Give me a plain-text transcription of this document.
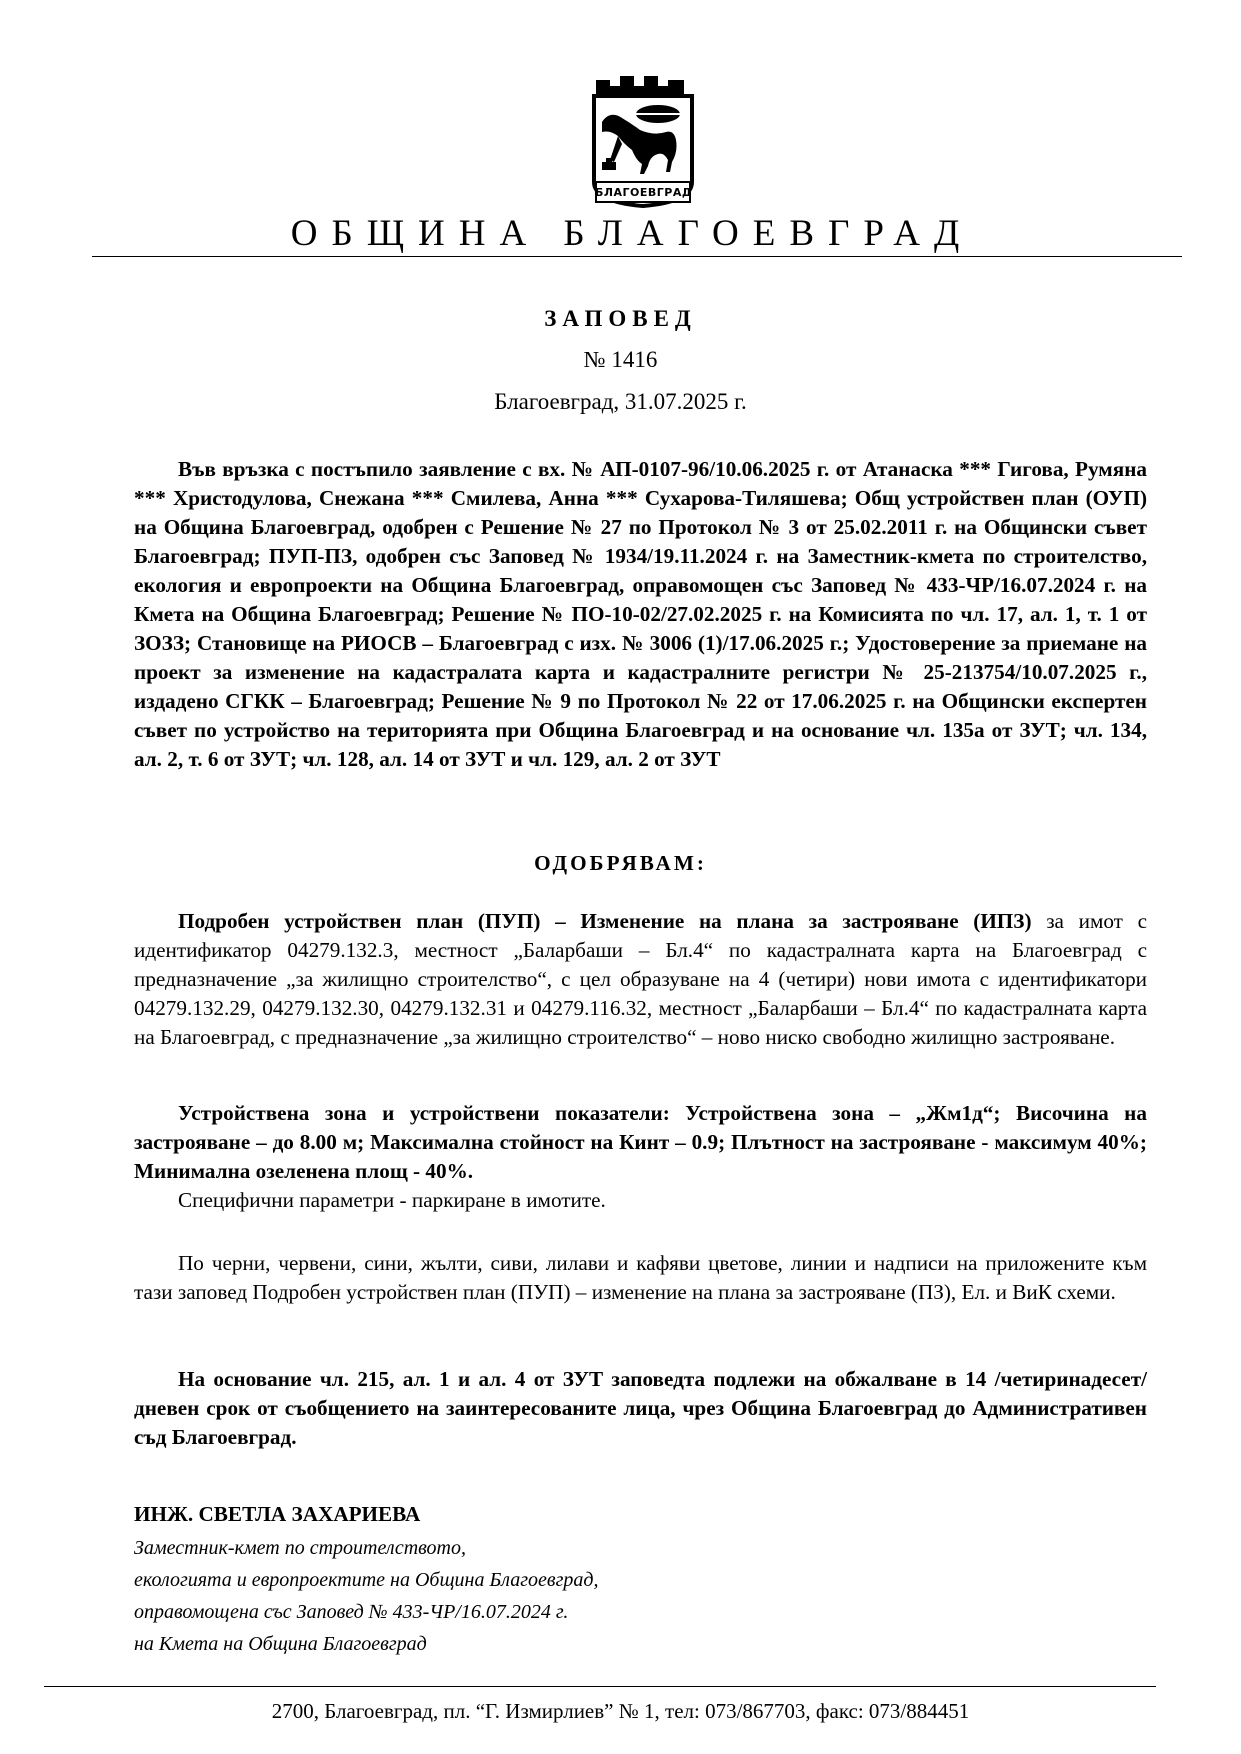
БЛАГОЕВГРАД
ОБЩИНА БЛАГОЕВГРАД
ЗАПОВЕД
№ 1416
Благоевград, 31.07.2025 г.

Във връзка с постъпило заявление с вх. № АП-0107-96/10.06.2025 г. от Атанаска *** Гигова, Румяна *** Христодулова, Снежана *** Смилева, Анна *** Сухарова-Тиляшева; Общ устройствен план (ОУП) на Община Благоевград, одобрен с Решение № 27 по Протокол № 3 от 25.02.2011 г. на Общински съвет Благоевград; ПУП-ПЗ, одобрен със Заповед № 1934/19.11.2024 г. на Заместник-кмета по строителство, екология и европроекти на Община Благоевград, оправомощен със Заповед № 433-ЧР/16.07.2024 г. на Кмета на Община Благоевград; Решение № ПО-10-02/27.02.2025 г. на Комисията по чл. 17, ал. 1, т. 1 от ЗОЗЗ; Становище на РИОСВ – Благоевград с изх. № 3006 (1)/17.06.2025 г.; Удостоверение за приемане на проект за изменение на кадастралата карта и кадастралните регистри № 25-213754/10.07.2025 г., издадено СГКК – Благоевград; Решение № 9 по Протокол № 22 от 17.06.2025 г. на Общински експертен съвет по устройство на територията при Община Благоевград и на основание чл. 135а от ЗУТ; чл. 134, ал. 2, т. 6 от ЗУТ; чл. 128, ал. 14 от ЗУТ и чл. 129, ал. 2 от ЗУТ

ОДОБРЯВАМ:

Подробен устройствен план (ПУП) – Изменение на плана за застрояване (ИПЗ) за имот с идентификатор 04279.132.3, местност „Баларбаши – Бл.4“ по кадастралната карта на Благоевград с предназначение „за жилищно строителство“, с цел образуване на 4 (четири) нови имота с идентификатори 04279.132.29, 04279.132.30, 04279.132.31 и 04279.116.32, местност „Баларбаши – Бл.4“ по кадастралната карта на Благоевград, с предназначение „за жилищно строителство“ – ново ниско свободно жилищно застрояване.

Устройствена зона и устройствени показатели: Устройствена зона – „Жм1д“; Височина на застрояване – до 8.00 м; Максимална стойност на Кинт – 0.9; Плътност на застрояване - максимум 40%; Минимална озеленена площ - 40%.

Специфични параметри - паркиране в имотите.

По черни, червени, сини, жълти, сиви, лилави и кафяви цветове, линии и надписи на приложените към тази заповед Подробен устройствен план (ПУП) – изменение на плана за застрояване (ПЗ), Ел. и ВиК схеми.

На основание чл. 215, ал. 1 и ал. 4 от ЗУТ заповедта подлежи на обжалване в 14 /четиринадесет/ дневен срок от съобщението на заинтересованите лица, чрез Община Благоевград до Административен съд Благоевград.

ИНЖ. СВЕТЛА ЗАХАРИЕВА
Заместник-кмет по строителството,
екологията и европроектите на Община Благоевград,
оправомощена със Заповед № 433-ЧР/16.07.2024 г.
на Кмета на Община Благоевград
2700, Благоевград, пл. “Г. Измирлиев” № 1, тел: 073/867703, факс: 073/884451
